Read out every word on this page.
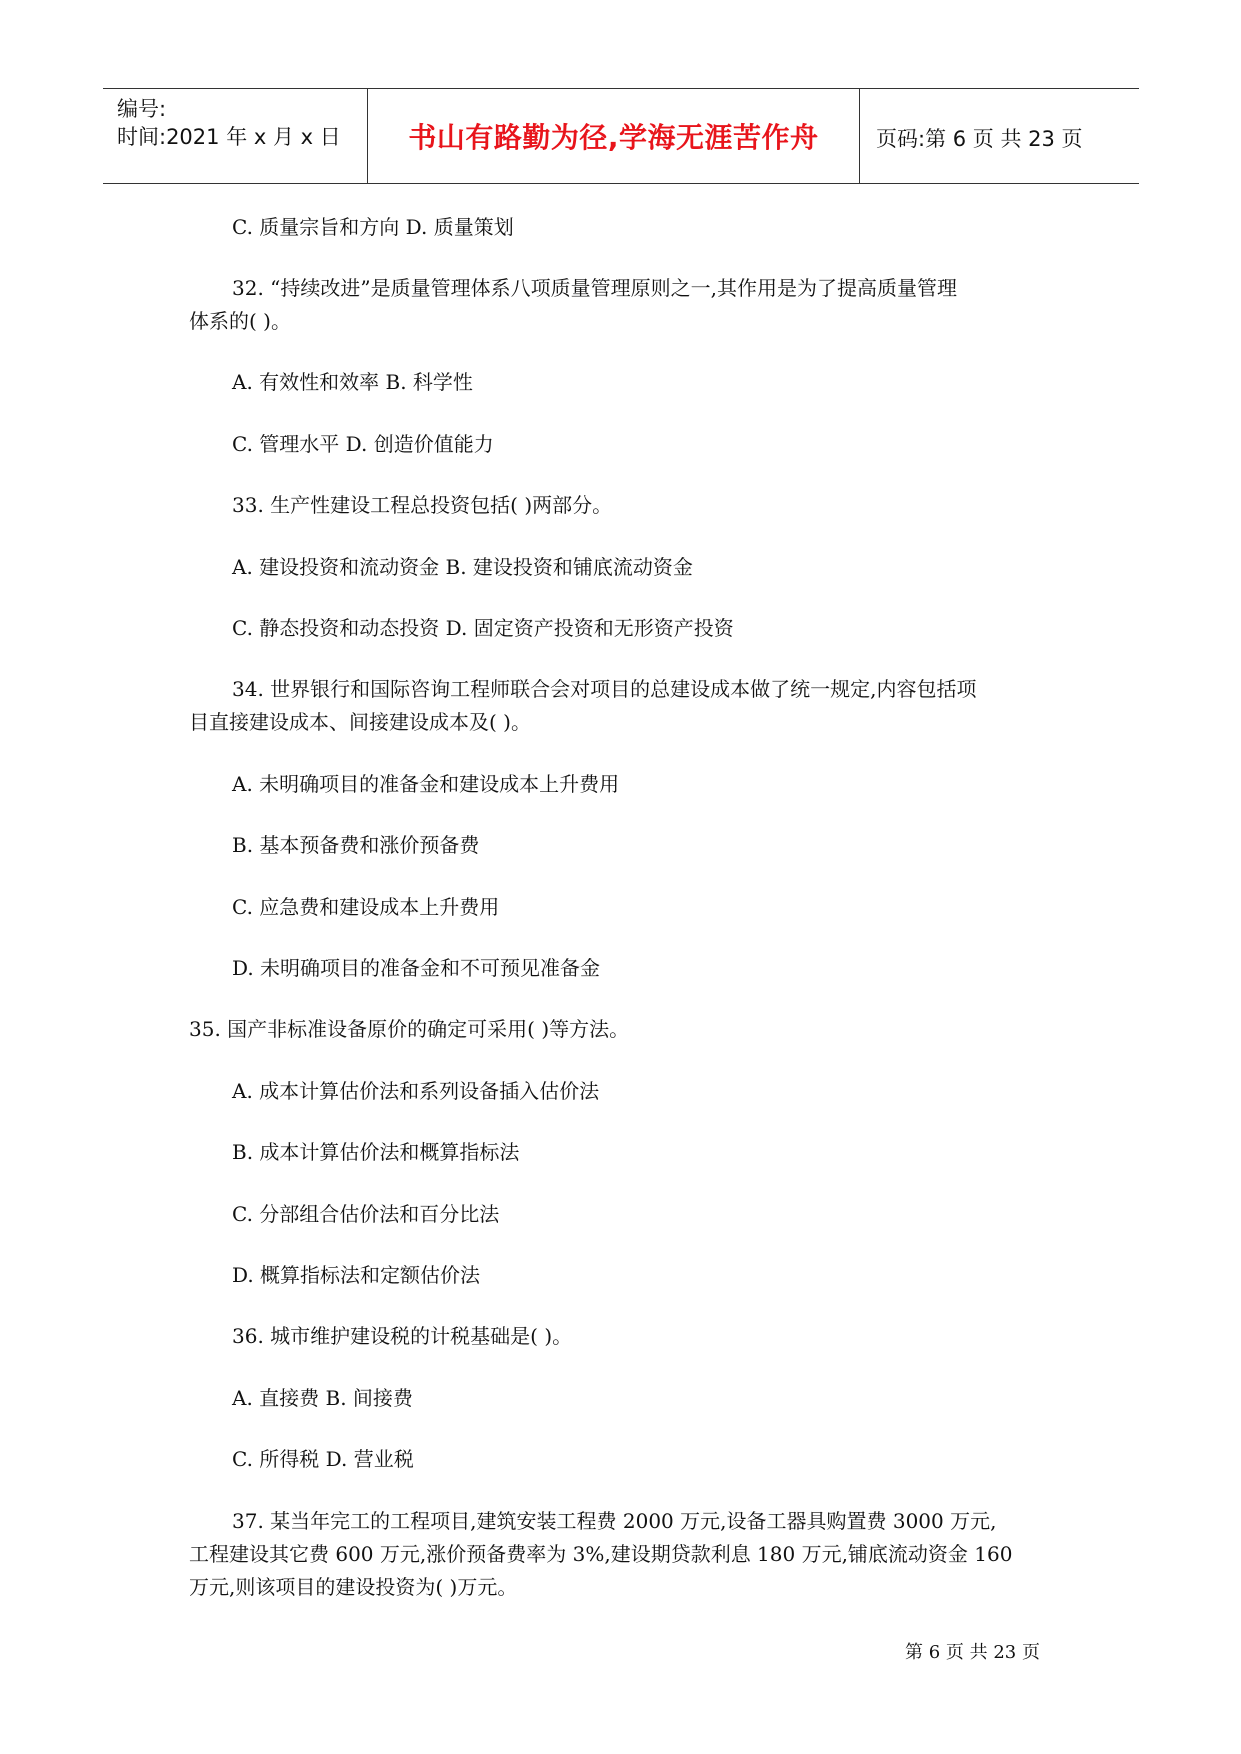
编号:
时间:2021 年 x 月 x 日	书山有路勤为径,学海无涯苦作舟	页码:第 6 页 共 23 页
C. 质量宗旨和方向 D. 质量策划
32. “持续改进”是质量管理体系八项质量管理原则之一,其作用是为了提高质量管理
体系的( )。
A. 有效性和效率 B. 科学性
C. 管理水平 D. 创造价值能力
33. 生产性建设工程总投资包括( )两部分。
A. 建设投资和流动资金 B. 建设投资和铺底流动资金
C. 静态投资和动态投资 D. 固定资产投资和无形资产投资
34. 世界银行和国际咨询工程师联合会对项目的总建设成本做了统一规定,内容包括项
目直接建设成本、间接建设成本及( )。
A. 未明确项目的准备金和建设成本上升费用
B. 基本预备费和涨价预备费
C. 应急费和建设成本上升费用
D. 未明确项目的准备金和不可预见准备金
35. 国产非标准设备原价的确定可采用( )等方法。
A. 成本计算估价法和系列设备插入估价法
B. 成本计算估价法和概算指标法
C. 分部组合估价法和百分比法
D. 概算指标法和定额估价法
36. 城市维护建设税的计税基础是( )。
A. 直接费 B. 间接费
C. 所得税 D. 营业税
37. 某当年完工的工程项目,建筑安装工程费 2000 万元,设备工器具购置费 3000 万元,
工程建设其它费 600 万元,涨价预备费率为 3%,建设期贷款利息 180 万元,铺底流动资金 160
万元,则该项目的建设投资为( )万元。
第 6 页 共 23 页
